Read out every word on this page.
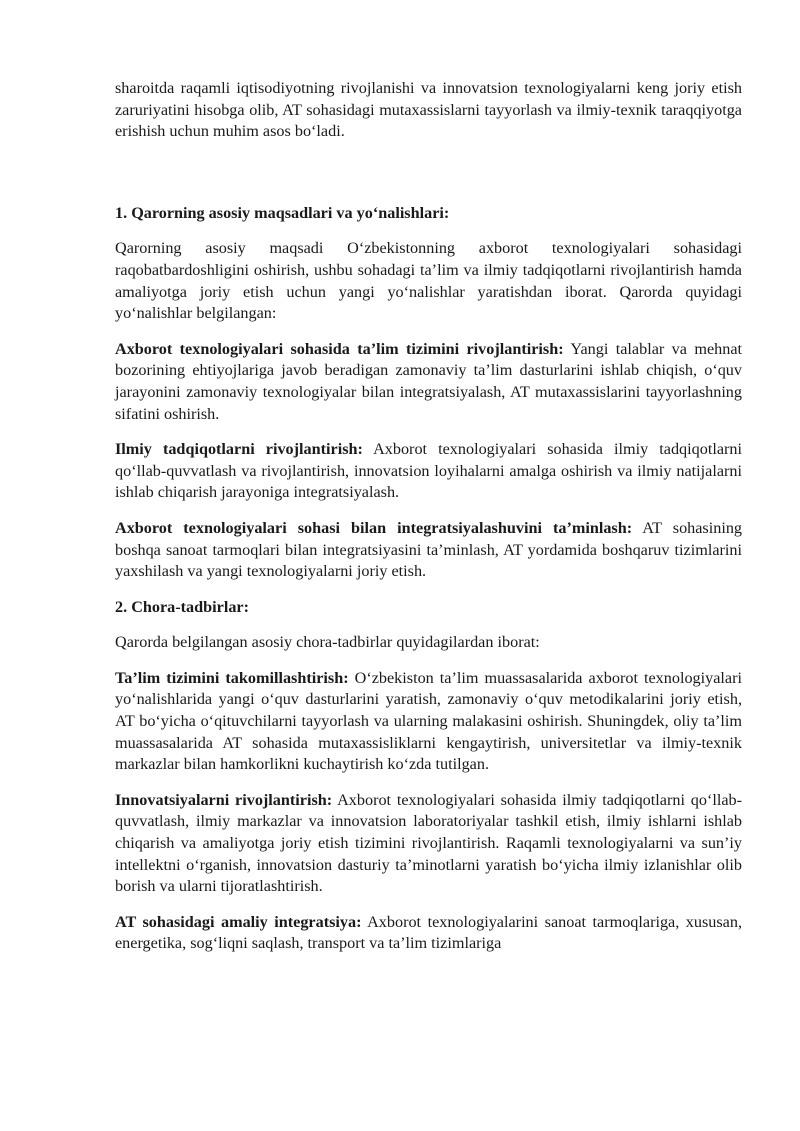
sharoitda raqamli iqtisodiyotning rivojlanishi va innovatsion texnologiyalarni keng joriy etish zaruriyatini hisobga olib, AT sohasidagi mutaxassislarni tayyorlash va ilmiy-texnik taraqqiyotga erishish uchun muhim asos bo‘ladi.

1. Qarorning asosiy maqsadlari va yo‘nalishlari:

Qarorning asosiy maqsadi O‘zbekistonning axborot texnologiyalari sohasidagi raqobatbardoshligini oshirish, ushbu sohadagi ta’lim va ilmiy tadqiqotlarni rivojlantirish hamda amaliyotga joriy etish uchun yangi yo‘nalishlar yaratishdan iborat. Qarorda quyidagi yo‘nalishlar belgilangan:

Axborot texnologiyalari sohasida ta’lim tizimini rivojlantirish: Yangi talablar va mehnat bozorining ehtiyojlariga javob beradigan zamonaviy ta’lim dasturlarini ishlab chiqish, o‘quv jarayonini zamonaviy texnologiyalar bilan integratsiyalash, AT mutaxassislarini tayyorlashning sifatini oshirish.

Ilmiy tadqiqotlarni rivojlantirish: Axborot texnologiyalari sohasida ilmiy tadqiqotlarni qo‘llab-quvvatlash va rivojlantirish, innovatsion loyihalarni amalga oshirish va ilmiy natijalarni ishlab chiqarish jarayoniga integratsiyalash.

Axborot texnologiyalari sohasi bilan integratsiyalashuvini ta’minlash: AT sohasining boshqa sanoat tarmoqlari bilan integratsiyasini ta’minlash, AT yordamida boshqaruv tizimlarini yaxshilash va yangi texnologiyalarni joriy etish.

2. Chora-tadbirlar:

Qarorda belgilangan asosiy chora-tadbirlar quyidagilardan iborat:

Ta’lim tizimini takomillashtirish: O‘zbekiston ta’lim muassasalarida axborot texnologiyalari yo‘nalishlarida yangi o‘quv dasturlarini yaratish, zamonaviy o‘quv metodikalarini joriy etish, AT bo‘yicha o‘qituvchilarni tayyorlash va ularning malakasini oshirish. Shuningdek, oliy ta’lim muassasalarida AT sohasida mutaxassisliklarni kengaytirish, universitetlar va ilmiy-texnik markazlar bilan hamkorlikni kuchaytirish ko‘zda tutilgan.

Innovatsiyalarni rivojlantirish: Axborot texnologiyalari sohasida ilmiy tadqiqotlarni qo‘llab-quvvatlash, ilmiy markazlar va innovatsion laboratoriyalar tashkil etish, ilmiy ishlarni ishlab chiqarish va amaliyotga joriy etish tizimini rivojlantirish. Raqamli texnologiyalarni va sun’iy intellektni o‘rganish, innovatsion dasturiy ta’minotlarni yaratish bo‘yicha ilmiy izlanishlar olib borish va ularni tijoratlashtirish.

AT sohasidagi amaliy integratsiya: Axborot texnologiyalarini sanoat tarmoqlariga, xususan, energetika, sog‘liqni saqlash, transport va ta’lim tizimlariga
